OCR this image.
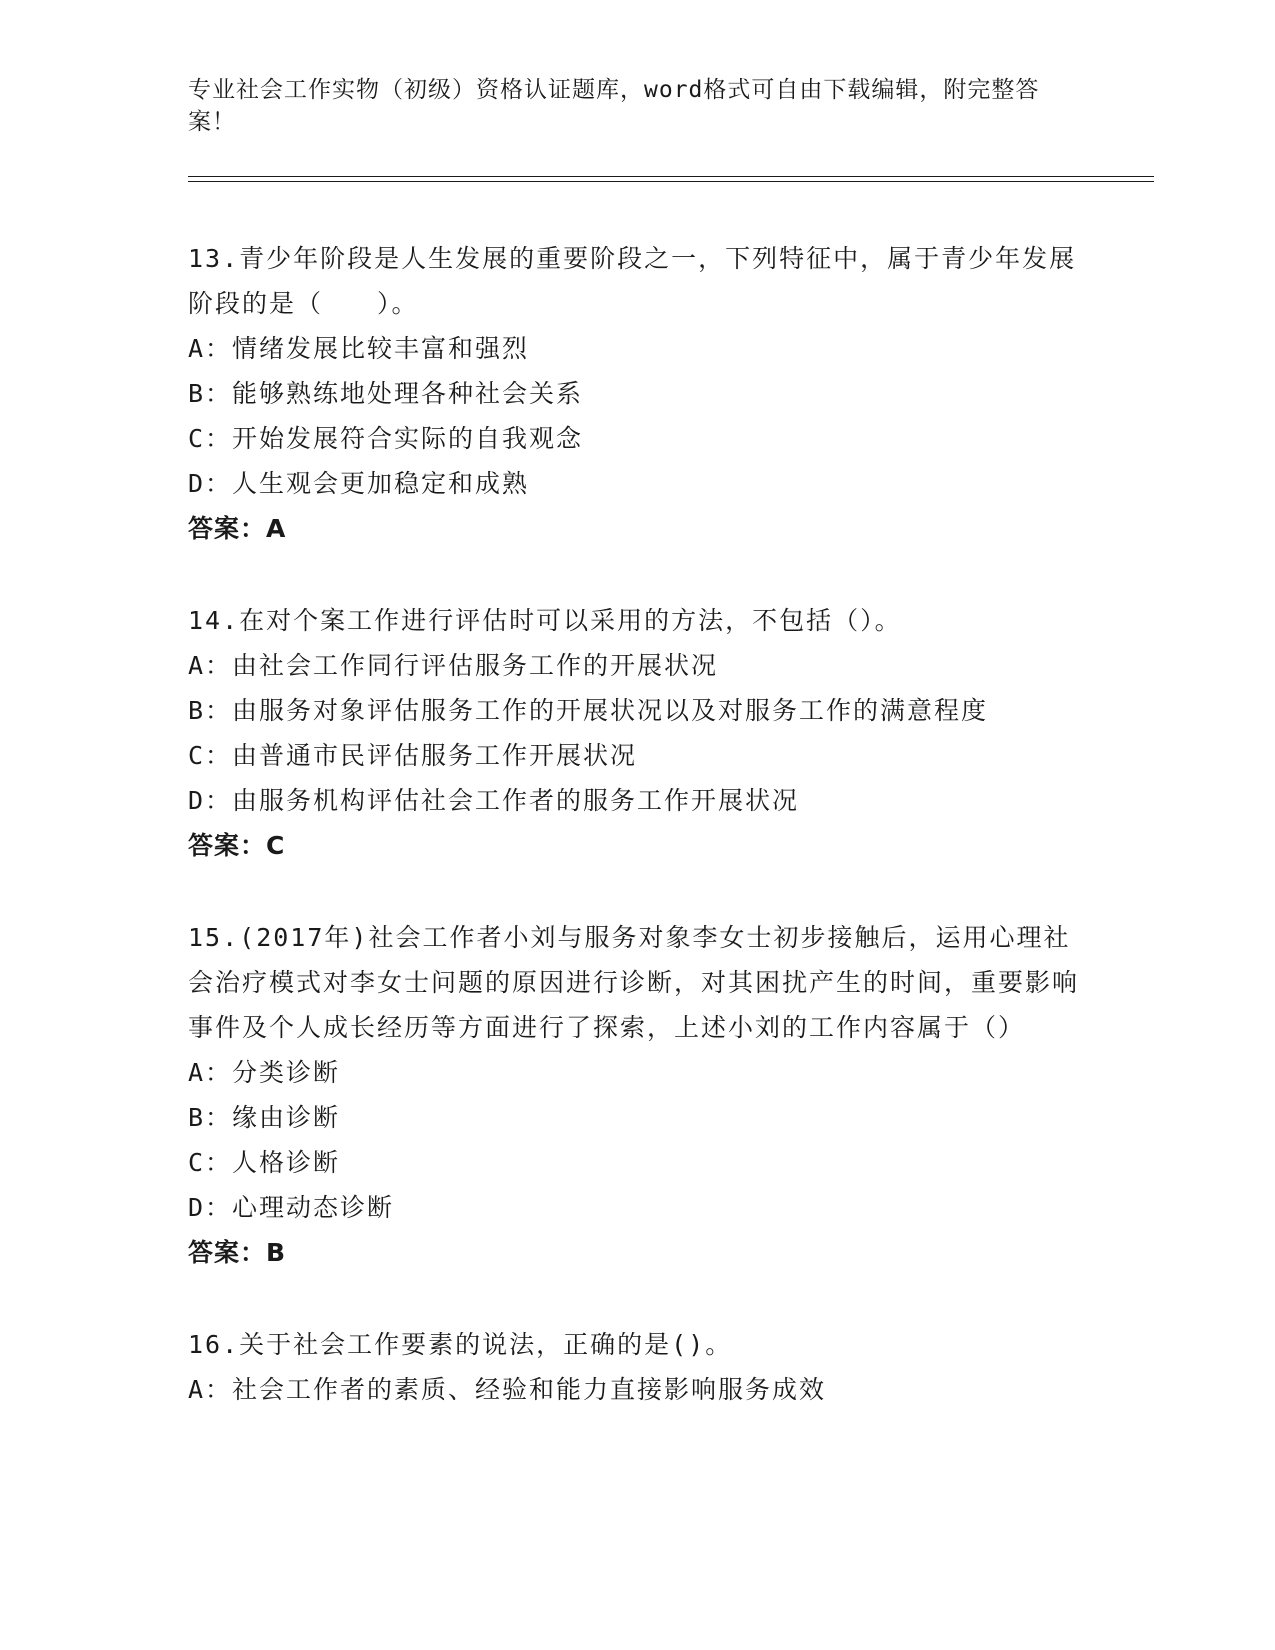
专业社会工作实物（初级）资格认证题库，word格式可自由下载编辑，附完整答案！
13.青少年阶段是人生发展的重要阶段之一，下列特征中，属于青少年发展阶段的是（　　）。
A：情绪发展比较丰富和强烈
B：能够熟练地处理各种社会关系
C：开始发展符合实际的自我观念
D：人生观会更加稳定和成熟
答案：A
14.在对个案工作进行评估时可以采用的方法，不包括（）。
A：由社会工作同行评估服务工作的开展状况
B：由服务对象评估服务工作的开展状况以及对服务工作的满意程度
C：由普通市民评估服务工作开展状况
D：由服务机构评估社会工作者的服务工作开展状况
答案：C
15.(2017年)社会工作者小刘与服务对象李女士初步接触后，运用心理社会治疗模式对李女士问题的原因进行诊断，对其困扰产生的时间，重要影响事件及个人成长经历等方面进行了探索，上述小刘的工作内容属于（）
A：分类诊断
B：缘由诊断
C：人格诊断
D：心理动态诊断
答案：B
16.关于社会工作要素的说法，正确的是()。
A：社会工作者的素质、经验和能力直接影响服务成效
